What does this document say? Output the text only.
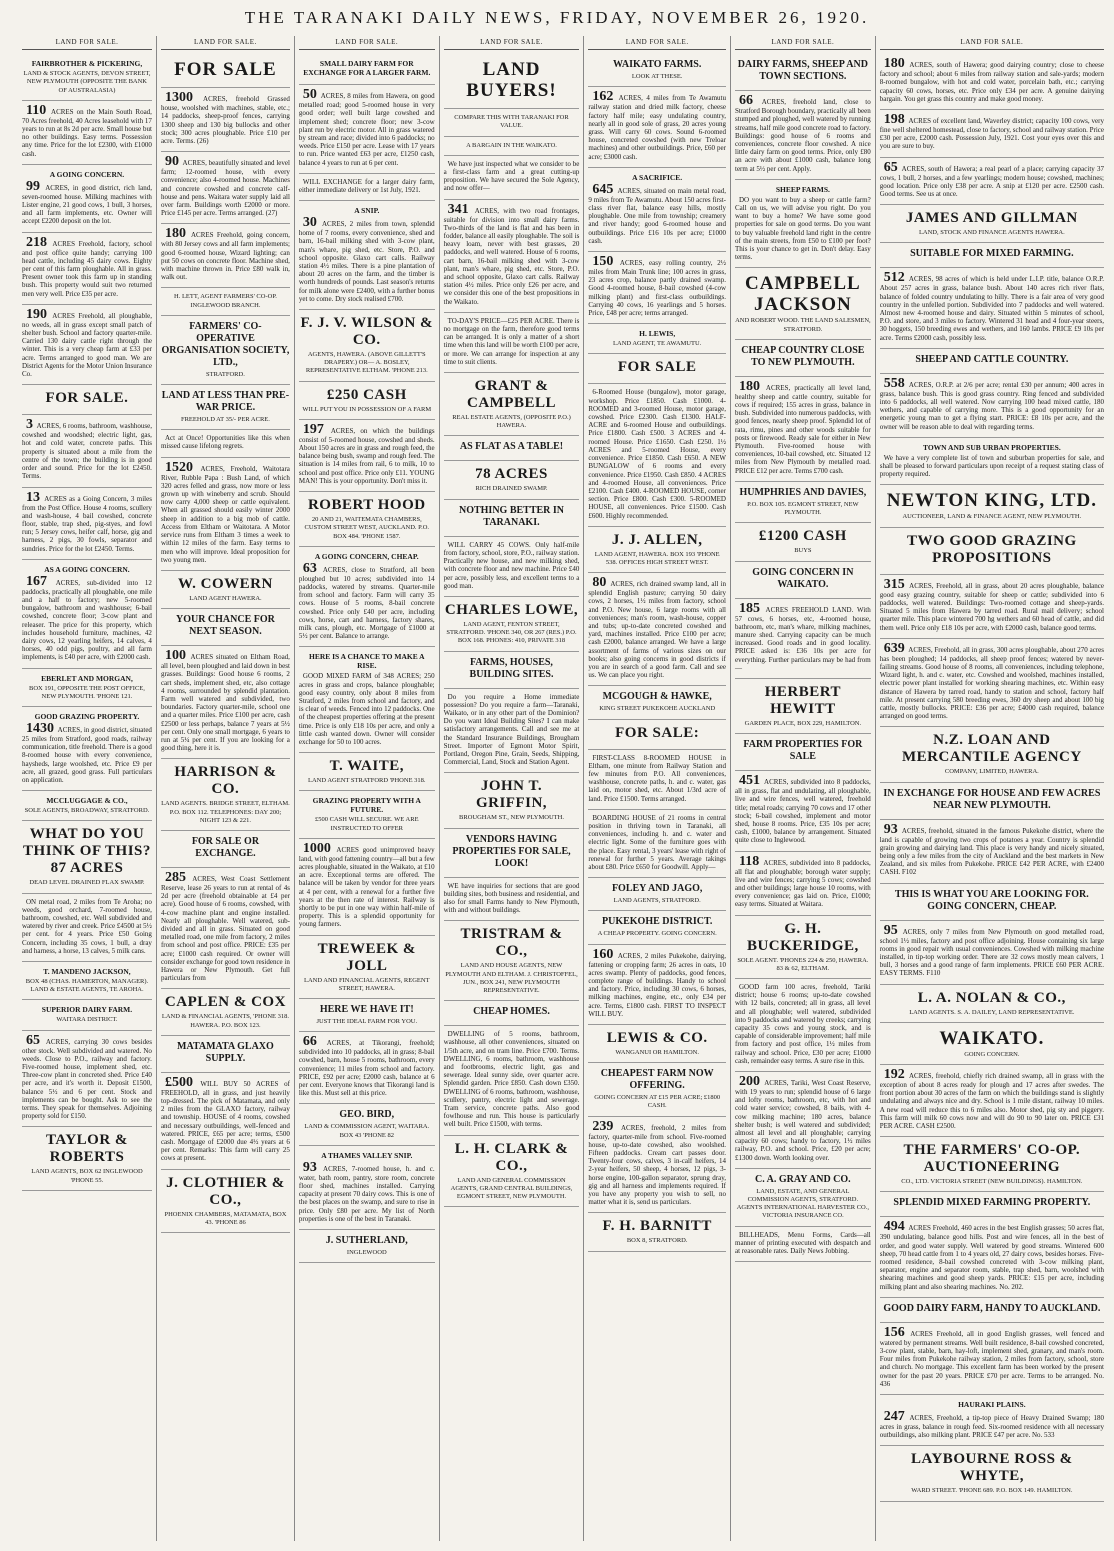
THE TARANAKI DAILY NEWS, FRIDAY, NOVEMBER 26, 1920.
LAND FOR SALE.
FAIRBROTHER & PICKERING,
LAND & STOCK AGENTS, DEVON STREET, NEW PLYMOUTH (OPPOSITE THE BANK OF AUSTRALASIA)
110 ACRES on the Main South Road, 70 Acres freehold, 40 Acres leasehold with 17 years to run at 8s 2d per acre. Small house but no other buildings. Easy terms. Possession any time. Price for the lot £2300, with £1000 cash.
A GOING CONCERN.
99 ACRES, in good district, rich land, seven-roomed house. Milking machines with Lister engine, 21 good cows, 1 bull, 3 horses, and all farm implements, etc. Owner will accept £2200 deposit on the lot.
218 ACRES Freehold, factory, school and post office quite handy; carrying 100 head cattle, including 45 dairy cows. Eighty per cent of this farm ploughable. All in grass. Present owner took this farm up in standing bush. This property would suit two returned men very well. Price £35 per acre.
190 ACRES Freehold, all ploughable, no weeds, all in grass except small patch of shelter bush. School and factory quarter-mile. Carried 130 dairy cattle right through the winter. This is a very cheap farm at £33 per acre. Terms arranged to good man. We are District Agents for the Motor Union Insurance Co.
FOR SALE.
3 ACRES, 6 rooms, bathroom, washhouse, cowshed and woodshed; electric light, gas, hot and cold water, concrete paths. This property is situated about a mile from the centre of the town; the building is in good order and sound. Price for the lot £2450. Terms.
13 ACRES as a Going Concern, 3 miles from the Post Office. House 4 rooms, scullery and wash-house, 4 bail cowshed, concrete floor, stable, trap shed, pig-styes, and fowl run; 5 Jersey cows, heifer calf, horse, gig and harness, 2 pigs, 30 fowls, separator and sundries. Price for the lot £2450. Terms.
AS A GOING CONCERN.
167 ACRES, sub-divided into 12 paddocks, practically all ploughable, one mile and a half to factory; new 5-roomed bungalow, bathroom and washhouse; 6-bail cowshed, concrete floor; 3-cow plant and releaser. The price for this property, which includes household furniture, machines, 42 dairy cows, 12 yearling heifers, 14 calves, 4 horses, 40 odd pigs, poultry, and all farm implements, is £40 per acre, with £2000 cash.
EBERLET AND MORGAN,
BOX 191, OPPOSITE THE POST OFFICE, NEW PLYMOUTH. 'PHONE 121.
GOOD GRAZING PROPERTY.
1430 ACRES, in good district, situated 25 miles from Stratford, good roads, railway communication, title freehold. There is a good 8-roomed house with every convenience, haysheds, large woolshed, etc. Price £9 per acre, all grazed, good grass. Full particulars on application.
MCCLUGGAGE & CO.,
SOLE AGENTS, BROADWAY, STRATFORD.
WHAT DO YOU THINK OF THIS? 87 ACRES
DEAD LEVEL DRAINED FLAX SWAMP.
ON metal road, 2 miles from Te Aroha; no weeds, good orchard, 7-roomed house, bathroom, cowshed, etc. Well subdivided and watered by river and creek. Price £4500 at 5½ per cent. for 4 years. Price £50 Going Concern, including 35 cows, 1 bull, a dray and harness, a horse, 13 calves, 5 milk cans.
T. MANDENO JACKSON,
BOX 48 (CHAS. HAMERTON, MANAGER). LAND & ESTATE AGENTS, TE AROHA.
SUPERIOR DAIRY FARM.
WAITARA DISTRICT.
65 ACRES, carrying 30 cows besides other stock. Well subdivided and watered. No weeds. Close to P.O., railway and factory. Five-roomed house, implement shed, etc. Three-cow plant in concreted shed. Price £40 per acre, and it's worth it. Deposit £1500, balance 5½ and 6 per cent. Stock and implements can be bought. Ask to see the terms. They speak for themselves. Adjoining property sold for £150.
TAYLOR & ROBERTS
LAND AGENTS, BOX 62 INGLEWOOD 'PHONE 55.
LAND FOR SALE.
FOR SALE
1300 ACRES, freehold Grassed house, woolshed with machines, stable, etc.; 14 paddocks, sheep-proof fences, carrying 1300 sheep and 130 big bullocks and other stock; 300 acres ploughable. Price £10 per acre. Terms. (26)
90 ACRES, beautifully situated and level farm; 12-roomed house, with every convenience; also 4-roomed house. Machines and concrete cowshed and concrete calf-house and pens. Waitara water supply laid all over farm. Buildings worth £2000 or more. Price £145 per acre. Terms arranged. (27)
180 ACRES Freehold, going concern, with 80 Jersey cows and all farm implements; good 6-roomed house, Wizard lighting; can put 50 cows on concrete floor. Machine shed, with machine thrown in. Price £80 walk in, walk out.
H. LETT, AGENT FARMERS' CO-OP. INGLEWOOD BRANCH.
FARMERS' CO-OPERATIVE ORGANISATION SOCIETY, LTD.,
STRATFORD.
LAND AT LESS THAN PRE-WAR PRICE.
FREEHOLD AT 35/- PER ACRE.
Act at Once! Opportunities like this when missed cause lifelong regrets.
1520 ACRES, Freehold, Waitotara River, Rubble Papa : Bush Land, of which 320 acres felled and grass, now more or less grown up with wineberry and scrub. Should now carry 4,000 sheep or cattle equivalent. When all grassed should easily winter 2000 sheep in addition to a big mob of cattle. Access from Eltham or Waitotara. A Motor service runs from Eltham 3 times a week to within 12 miles of the farm. Easy terms to men who will improve. Ideal proposition for two young men.
W. COWERN
LAND AGENT HAWERA.
YOUR CHANCE FOR NEXT SEASON.
100 ACRES situated on Eltham Road, all level, been ploughed and laid down in best grasses. Buildings: Good house 6 rooms, 2 cart sheds, implement shed, etc, also cottage 4 rooms, surrounded by splendid plantation. Farm well watered and subdivided, two boundaries. Factory quarter-mile, school one and a quarter miles. Price £100 per acre, cash £2500 or less perhaps, balance 7 years at 5½ per cent. Only one small mortgage, 6 years to run at 5¼ per cent. If you are looking for a good thing, here it is.
HARRISON & CO.
LAND AGENTS. BRIDGE STREET, ELTHAM. P.O. BOX 112. TELEPHONES: DAY 200; NIGHT 123 & 221.
FOR SALE OR EXCHANGE.
285 ACRES, West Coast Settlement Reserve, lease 26 years to run at rental of 4s 2d per acre (freehold obtainable at £4 per acre). Good house of 6 rooms, cowshed, with 4-cow machine plant and engine installed. Nearly all ploughable. Well watered, sub-divided and all in grass. Situated on good metalled road, one mile from factory, 2 miles from school and post office. PRICE: £35 per acre; £1000 cash required. Or owner will consider exchange for good town residence in Hawera or New Plymouth. Get full particulars from
CAPLEN & COX
LAND & FINANCIAL AGENTS, 'PHONE 318. HAWERA. P.O. BOX 123.
MATAMATA GLAXO SUPPLY.
£500 WILL BUY 50 ACRES of FREEHOLD, all in grass, and just heavily top-dressed. The pick of Matamata, and only 2 miles from the GLAXO factory, railway and township. HOUSE of 4 rooms, cowshed and necessary outbuildings, well-fenced and watered. PRICE, £65 per acre; terms, £500 cash. Mortgage of £2000 due 4½ years at 6 per cent. Remarks: This farm will carry 25 cows at present.
J. CLOTHIER & CO.,
PHOENIX CHAMBERS, MATAMATA, BOX 43. 'PHONE 86
LAND FOR SALE.
SMALL DAIRY FARM FOR EXCHANGE FOR A LARGER FARM.
50 ACRES, 8 miles from Hawera, on good metalled road; good 5-roomed house in very good order; well built large cowshed and implement shed; concrete floor; new 3-cow plant run by electric motor. All in grass watered by stream and race; divided into 6 paddocks; no weeds. Price £150 per acre. Lease with 17 years to run. Price wanted £63 per acre, £1250 cash, balance 4 years to run at 6 per cent.
WILL EXCHANGE for a larger dairy farm, either immediate delivery or 1st July, 1921.
A SNIP.
30 ACRES, 2 miles from town, splendid home of 7 rooms, every convenience, shed and barn, 16-bail milking shed with 3-cow plant, man's whare, pig shed, etc. Store, P.O. and school opposite. Glaxo cart calls. Railway station 4½ miles. There is a pine plantation of about 20 acres on the farm, and the timber is worth hundreds of pounds. Last season's returns for milk alone were £2400, with a further bonus yet to come. Dry stock realised £700.
F. J. V. WILSON & CO.
AGENTS, HAWERA. (ABOVE GILLETT'S DRAPERY.) OR— A. BOSLEY, REPRESENTATIVE ELTHAM. 'PHONE 213.
£250 CASH
WILL PUT YOU IN POSSESSION OF A FARM
197 ACRES, on which the buildings consist of 5-roomed house, cowshed and sheds. About 150 acres are in grass and rough feed, the balance being bush, swamp and rough feed. The situation is 14 miles from rail, 6 to milk, 10 to school and post office. Price only £11. YOUNG MAN! This is your opportunity. Don't miss it.
ROBERT HOOD
20 AND 21, WAITEMATA CHAMBERS, CUSTOM STREET WEST, AUCKLAND. P.O. BOX 484. 'PHONE 1587.
A GOING CONCERN, CHEAP.
63 ACRES, close to Stratford, all been ploughed but 10 acres; subdivided into 14 paddocks, watered by streams. Quarter-mile from school and factory. Farm will carry 35 cows. House of 5 rooms, 8-bail concrete cowshed. Price only £40 per acre, including cows, horse, cart and harness, factory shares, milk cans, plough, etc. Mortgage of £1000 at 5½ per cent. Balance to arrange.
HERE IS A CHANCE TO MAKE A RISE.
GOOD MIXED FARM of 348 ACRES; 250 acres in grass and crops, balance ploughable; good easy country, only about 8 miles from Stratford, 2 miles from school and factory, and is clear of weeds. Fenced into 12 paddocks. One of the cheapest properties offering at the present time. Price is only £18 10s per acre, and only a little cash wanted down. Owner will consider exchange for 50 to 100 acres.
T. WAITE,
LAND AGENT STRATFORD 'PHONE 318.
GRAZING PROPERTY WITH A FUTURE.
£500 CASH WILL SECURE. WE ARE INSTRUCTED TO OFFER
1000 ACRES good unimproved heavy land, with good fattening country—all but a few acres ploughable, situated in the Waikato, at £10 an acre. Exceptional terms are offered. The balance will be taken by vendor for three years at 4 per cent, with a renewal for a further five years at the then rate of interest. Railway is shortly to be put in one way within half-mile of property. This is a splendid opportunity for young farmers.
TREWEEK & JOLL
LAND AND FINANCIAL AGENTS, REGENT STREET, HAWERA.
HERE WE HAVE IT!
JUST THE IDEAL FARM FOR YOU.
66 ACRES, at Tikorangi, freehold; subdivided into 10 paddocks, all in grass; 8-bail cowshed, barn, house 5 rooms, bathroom, every convenience; 11 miles from school and factory. PRICE, £92 per acre; £2000 cash, balance at 6 per cent. Everyone knows that Tikorangi land is like this. Must sell at this price.
GEO. BIRD,
LAND & COMMISSION AGENT, WAITARA. BOX 43 'PHONE 82
A THAMES VALLEY SNIP.
93 ACRES, 7-roomed house, h. and c. water, bath room, pantry, store room, concrete floor shed, machines installed. Carrying capacity at present 70 dairy cows. This is one of the best places on the swamp, and sure to rise in price. Only £80 per acre. My list of North properties is one of the best in Taranaki.
J. SUTHERLAND,
INGLEWOOD
LAND FOR SALE.
LAND BUYERS!
COMPARE THIS WITH TARANAKI FOR VALUE.
A BARGAIN IN THE WAIKATO.
We have just inspected what we consider to be a first-class farm and a great cutting-up proposition. We have secured the Sole Agency, and now offer—
341 ACRES, with two road frontages, suitable for division into small dairy farms. Two-thirds of the land is flat and has been in fodder, balance all easily ploughable. The soil is heavy loam, never with best grasses, 20 paddocks, and well watered. House of 6 rooms, cart barn, 16-bail milking shed with 3-cow plant, man's whare, pig shed, etc. Store, P.O. and school opposite, Glaxo cart calls. Railway station 4½ miles. Price only £26 per acre, and we consider this one of the best propositions in the Waikato.
TO-DAY'S PRICE—£25 PER ACRE. There is no mortgage on the farm, therefore good terms can be arranged. It is only a matter of a short time when this land will be worth £100 per acre, or more. We can arrange for inspection at any time to suit clients.
GRANT & CAMPBELL
REAL ESTATE AGENTS, (OPPOSITE P.O.) HAWERA.
AS FLAT AS A TABLE!
78 ACRES
RICH DRAINED SWAMP.
NOTHING BETTER IN TARANAKI.
WILL CARRY 45 COWS. Only half-mile from factory, school, store, P.O., railway station. Practically new house, and new milking shed, with concrete floor and new machine. Price £40 per acre, possibly less, and excellent terms to a good man.
CHARLES LOWE,
LAND AGENT, FENTON STREET, STRATFORD. 'PHONE 340, OR 267 (RES.) P.O. BOX 168. PHONES: 410, PRIVATE 318
FARMS, HOUSES, BUILDING SITES.
Do you require a Home immediate possession? Do you require a farm—Taranaki, Waikato, or in any other part of the Dominion? Do you want Ideal Building Sites? I can make satisfactory arrangements. Call and see me at the Standard Insurance Buildings, Brougham Street. Importer of Egmont Motor Spirit, Portland, Oregon Pine, Grain, Seeds, Shipping, Commercial, Land, Stock and Station Agent.
JOHN T. GRIFFIN,
BROUGHAM ST., NEW PLYMOUTH.
VENDORS HAVING PROPERTIES FOR SALE, LOOK!
WE have inquiries for sections that are good building sites, both business and residential, and also for small Farms handy to New Plymouth, with and without buildings.
TRISTRAM & CO.,
LAND AND HOUSE AGENTS, NEW PLYMOUTH AND ELTHAM. J. CHRISTOFFEL, JUN., BOX 241, NEW PLYMOUTH REPRESENTATIVE.
CHEAP HOMES.
DWELLING of 5 rooms, bathroom, washhouse, all other conveniences, situated on 1/5th acre, and on tram line. Price £700. Terms. DWELLING, 6 rooms, bathroom, washhouse and footbrooms, electric light, gas and sewerage. Ideal sunny side, over quarter acre. Splendid garden. Price £850. Cash down £350. DWELLING of 6 rooms, bathroom, washhouse, scullery, pantry, electric light and sewerage. Tram service, concrete paths. Also good fowlhouse and run. This house is particularly well built. Price £1500, with terms.
L. H. CLARK & CO.,
LAND AND GENERAL COMMISSION AGENTS, GRAND CENTRAL BUILDINGS, EGMONT STREET, NEW PLYMOUTH.
LAND FOR SALE.
WAIKATO FARMS.
LOOK AT THESE.
162 ACRES, 4 miles from Te Awamutu railway station and dried milk factory, cheese factory half mile; easy undulating country, nearly all in good sole of grass, 20 acres young grass. Will carry 60 cows. Sound 6-roomed house, concreted cowshed (with new Treloar machines) and other outbuildings. Price, £60 per acre; £3000 cash.
A SACRIFICE.
645 ACRES, situated on main metal road, 9 miles from Te Awamutu. About 150 acres first-class river flat, balance easy hills, mostly ploughable. One mile from township; creamery and river handy; good 6-roomed house and outbuildings. Price £16 10s per acre; £1000 cash.
150 ACRES, easy rolling country, 2½ miles from Main Trunk line; 100 acres in grass, 23 acres crop, balance partly drained swamp. Good 4-roomed house, 8-bail cowshed (4-cow milking plant) and first-class outbuildings. Carrying 40 cows, 16 yearlings and 5 horses. Price, £48 per acre; terms arranged.
H. LEWIS,
LAND AGENT, TE AWAMUTU.
FOR SALE
6-Roomed House (bungalow), motor garage, workshop. Price £1850. Cash £1000. 4-ROOMED and 3-roomed House, motor garage, cowshed. Price £2300. Cash £1300. HALF-ACRE and 6-roomed House and outbuildings. Price £1800. Cash £500. 3 ACRES and 4-roomed House. Price £1650. Cash £250. 1½ ACRES and 5-roomed House, every convenience. Price £1850. Cash £650. A NEW BUNGALOW of 6 rooms and every convenience. Price £1950. Cash £850. 4 ACRES and 4-roomed House, all conveniences. Price £2100. Cash £400. 4-ROOMED HOUSE, corner section. Price £800. Cash £300. 5-ROOMED HOUSE, all conveniences. Price £1500. Cash £600. Highly recommended.
J. J. ALLEN,
LAND AGENT, HAWERA. BOX 193 'PHONE 538. OFFICES HIGH STREET WEST.
80 ACRES, rich drained swamp land, all in splendid English pasture; carrying 50 dairy cows, 2 horses, 1½ miles from factory, school and P.O. New house, 6 large rooms with all conveniences; man's room, wash-house, copper and tubs; up-to-date concreted cowshed and yard, machines installed. Price £100 per acre; cash £2000, balance arranged. We have a large assortment of farms of various sizes on our books; also going concerns in good districts if you are in search of a good farm. Call and see us. We can place you right.
MCGOUGH & HAWKE,
KING STREET PUKEKOHE AUCKLAND
FOR SALE:
FIRST-CLASS 8-ROOMED HOUSE in Eltham, one minute from Railway Station and few minutes from P.O. All conveniences, washhouse, concrete paths, h. and c. water, gas laid on, motor shed, etc. About 1/3rd acre of land. Price £1500. Terms arranged.
BOARDING HOUSE of 21 rooms in central position in thriving town in Taranaki, all conveniences, including h. and c. water and electric light. Some of the furniture goes with the place. Easy rental, 3 years' lease with right of renewal for further 5 years. Average takings about £80. Price £650 for Goodwill. Apply—
FOLEY AND JAGO,
LAND AGENTS, STRATFORD.
PUKEKOHE DISTRICT.
A CHEAP PROPERTY. GOING CONCERN.
160 ACRES, 2 miles Pukekohe, dairying, fattening or cropping farm; 26 acres in oats, 10 acres swamp. Plenty of paddocks, good fences, complete range of buildings. Handy to school and factory. Price, including 30 cows, 6 horses, milking machines, engine, etc., only £34 per acre. Terms, £1800 cash. FIRST TO INSPECT WILL BUY.
LEWIS & CO.
WANGANUI OR HAMILTON.
CHEAPEST FARM NOW OFFERING.
GOING CONCERN AT £15 PER ACRE; £1800 CASH.
239 ACRES, freehold, 2 miles from factory, quarter-mile from school. Five-roomed house, up-to-date cowshed, also woolshed. Fifteen paddocks. Cream cart passes door. Twenty-four cows, calves, 3 in-calf heifers, 14 2-year heifers, 50 sheep, 4 horses, 12 pigs, 3-horse engine, 100-gallon separator, sprung dray, gig and all harness and implements required. If you have any property you wish to sell, no matter what it is, send us particulars.
F. H. BARNITT
BOX 8, STRATFORD.
LAND FOR SALE.
DAIRY FARMS, SHEEP AND TOWN SECTIONS.
66 ACRES, freehold land, close to Stratford Borough boundary, practically all been stumped and ploughed, well watered by running streams, half mile good concrete road to factory. Buildings: good house of 6 rooms and conveniences, concrete floor cowshed. A nice little dairy farm on good terms. Price, only £80 an acre with about £1000 cash, balance long term at 5½ per cent. Apply.
SHEEP FARMS.
DO you want to buy a sheep or cattle farm? Call on us, we will advise you right. Do you want to buy a home? We have some good properties for sale on good terms. Do you want to buy valuable freehold land right in the centre of the main streets, from £50 to £100 per foot? This is your chance to get in. Don't delay. Easy terms.
CAMPBELL JACKSON
AND ROBERT WOOD. THE LAND SALESMEN, STRATFORD.
CHEAP COUNTRY CLOSE TO NEW PLYMOUTH.
180 ACRES, practically all level land, healthy sheep and cattle country, suitable for cows if required; 155 acres in grass, balance in bush. Subdivided into numerous paddocks, with good fences, nearly sheep proof. Splendid lot of rata, rimu, pines and other woods suitable for posts or firewood. Ready sale for either in New Plymouth. Five-roomed house with conveniences, 10-bail cowshed, etc. Situated 12 miles from New Plymouth by metalled road. PRICE £12 per acre. Terms £700 cash.
HUMPHRIES AND DAVIES,
P.O. BOX 105. EGMONT STREET, NEW PLYMOUTH.
£1200 CASH
BUYS
GOING CONCERN IN WAIKATO.
185 ACRES FREEHOLD LAND. With 57 cows, 6 horses, etc, 4-roomed house, bathroom, etc, man's whare, milking machines, manure shed. Carrying capacity can be much increased. Good roads and in good locality. PRICE asked is: £36 10s per acre for everything. Further particulars may be had from—
HERBERT HEWITT
GARDEN PLACE, BOX 229, HAMILTON.
FARM PROPERTIES FOR SALE
451 ACRES, subdivided into 8 paddocks, all in grass, flat and undulating, all ploughable, live and wire fences, well watered, freehold title; metal roads; carrying 70 cows and 17 other stock; 6-bail cowshed, implement and motor shed, house 8 rooms. Price, £35 10s per acre; cash, £1000, balance by arrangement. Situated quite close to Inglewood.
118 ACRES, subdivided into 8 paddocks, all flat and ploughable; borough water supply; live and wire fences; carrying 5 cows; cowshed and other buildings; large house 10 rooms, with every convenience; gas laid on. Price, £1000; easy terms. Situated at Waitara.
G. H. BUCKERIDGE,
SOLE AGENT. 'PHONES 224 & 250, HAWERA. 83 & 62, ELTHAM.
GOOD farm 100 acres, freehold, Tariki district; house 6 rooms; up-to-date cowshed with 12 bails, concreted; all in grass, all level and all ploughable; well watered, subdivided into 9 paddocks and watered by creeks; carrying capacity 35 cows and young stock, and is capable of considerable improvement; half mile from factory and post office, 1½ miles from railway and school. Price, £30 per acre; £1000 cash, remainder easy terms. A sure rise in this.
200 ACRES, Tariki, West Coast Reserve, with 19 years to run; splendid house of 6 large and lofty rooms, bathroom, etc, with hot and cold water service; cowshed, 8 bails, with 4-cow milking machine; 180 acres, balance shelter bush; is well watered and subdivided; almost all level and all ploughable; carrying capacity 60 cows; handy to factory, 1½ miles railway, P.O. and school. Price, £20 per acre; £1300 down. Worth looking over.
C. A. GRAY AND CO.
LAND, ESTATE, AND GENERAL COMMISSION AGENTS, STRATFORD. AGENTS INTERNATIONAL HARVESTER CO., VICTORIA INSURANCE CO.
BILLHEADS, Menu Forms, Cards—all manner of printing executed with despatch and at reasonable rates. Daily News Jobbing.
LAND FOR SALE.
180 ACRES, south of Hawera; good dairying country; close to cheese factory and school; about 6 miles from railway station and sale-yards; modern 8-roomed bungalow, with hot and cold water, porcelain bath, etc.; carrying capacity 60 cows, horses, etc. Price only £34 per acre. A genuine dairying bargain. You get grass this country and make good money.
198 ACRES of excellent land, Waverley district; capacity 100 cows, very fine well sheltered homestead, close to factory, school and railway station. Price £30 per acre, £2000 cash. Possession July, 1921. Cost your eyes over this and you are sure to buy.
65 ACRES, south of Hawera; a real pearl of a place; carrying capacity 37 cows, 1 bull, 2 horses, and a few yearlings; modern house; cowshed, machines; good location. Price only £38 per acre. A snip at £120 per acre. £2500 cash. Good terms. See us at once.
JAMES AND GILLMAN
LAND, STOCK AND FINANCE AGENTS HAWERA.
SUITABLE FOR MIXED FARMING.
512 ACRES, 98 acres of which is held under L.I.P. title, balance O.R.P. About 257 acres in grass, balance bush. About 140 acres rich river flats, balance of folded country undulating to hilly. There is a fair area of very good country in the unfelled portion. Subdivided into 7 paddocks and well watered. Almost new 4-roomed house and dairy. Situated within 5 minutes of school, P.O. and store, and 3 miles to factory. Wintered 31 head and 4 four-year steers, 30 hoggets, 150 breeding ewes and wethers, and 160 lambs. PRICE £9 10s per acre. Terms £2000 cash, possibly less.
SHEEP AND CATTLE COUNTRY.
558 ACRES, O.R.P. at 2/6 per acre; rental £30 per annum; 400 acres in grass, balance bush. This is good grass country. Ring fenced and subdivided into 6 paddocks, all well watered. Now carrying 100 head mixed cattle, 180 wethers, and capable of carrying more. This is a good opportunity for an energetic young man to get a flying start. PRICE: £8 10s per acre, and the owner will be reason able to deal with regarding terms.
TOWN AND SUB URBAN PROPERTIES.
We have a very complete list of town and suburban properties for sale, and shall be pleased to forward particulars upon receipt of a request stating class of property required.
NEWTON KING, LTD.
AUCTIONEER, LAND & FINANCE AGENT, NEW PLYMOUTH.
TWO GOOD GRAZING PROPOSITIONS
315 ACRES, Freehold, all in grass, about 20 acres ploughable, balance good easy grazing country, suitable for sheep or cattle; subdivided into 6 paddocks, well watered. Buildings: Two-roomed cottage and sheep-yards. Situated 5 miles from Hawera by tarred road. Rural mail delivery; school quarter mile. This place wintered 700 hg wethers and 60 head of cattle, and did them well. Price only £18 10s per acre, with £2000 cash, balance good terms.
639 ACRES, Freehold, all in grass, 300 acres ploughable, about 270 acres has been ploughed; 14 paddocks, all sheep proof fences; watered by never-failing streams. Good house of 8 rooms, all conveniences, including telephone, Wizard light, h. and c. water, etc. Cowshed and woolshed, machines installed, electric power plant installed for working shearing machines, etc. Within easy distance of Hawera by tarred road, handy to station and school, factory half mile. At present carrying 580 breeding ewes, 360 dry sheep and about 100 big cattle, mostly bullocks. PRICE: £36 per acre; £4000 cash required, balance arranged on good terms.
N.Z. LOAN AND MERCANTILE AGENCY
COMPANY, LIMITED, HAWERA.
IN EXCHANGE FOR HOUSE AND FEW ACRES NEAR NEW PLYMOUTH.
93 ACRES, freehold, situated in the famous Pukekohe district, where the land is capable of growing two crops of potatoes a year. Country is splendid grain growing and dairying land. This place is very handy and nicely situated, being only a few miles from the city of Auckland and the best markets in New Zealand, and six miles from Pukekohe. PRICE £42 PER ACRE, with £2400 CASH. F102
THIS IS WHAT YOU ARE LOOKING FOR. GOING CONCERN, CHEAP.
95 ACRES, only 7 miles from New Plymouth on good metalled road, school 1½ miles, factory and post office adjoining. House containing six large rooms in good repair with usual conveniences. Cowshed with milking machine installed, in tip-top working order. There are 32 cows mostly mean calvers, 1 bull, 3 horses and a good range of farm implements. PRICE £60 PER ACRE. EASY TERMS. F110
L. A. NOLAN & CO.,
LAND AGENTS. S. A. DAILEY, LAND REPRESENTATIVE.
WAIKATO.
GOING CONCERN.
192 ACRES, freehold, chiefly rich drained swamp, all in grass with the exception of about 8 acres ready for plough and 17 acres after swedes. The front portion about 30 acres of the farm on which the buildings stand is slightly undulating and always nice and dry. School is 1 mile distant, railway 10 miles. A new road will reduce this to 6 miles also. Motor shed, pig sty and piggery. This farm will milk 60 cows now and will do 90 to 90 later on. PRICE £31 PER ACRE. CASH £2500.
THE FARMERS' CO-OP. AUCTIONEERING
CO., LTD. VICTORIA STREET (NEW BUILDINGS). HAMILTON.
SPLENDID MIXED FARMING PROPERTY.
494 ACRES Freehold, 460 acres in the best English grasses; 50 acres flat, 390 undulating, balance good hills. Post and wire fences, all in the best of order, and good water supply. Well watered by good streams. Wintered 600 sheep, 70 head cattle from 1 to 4 years old, 27 dairy cows, besides horses. Five-roomed residence, 8-bail cowshed concreted with 3-cow milking plant, separator, engine and separator room, stable, trap shed, barn, woolshed with shearing machines and good sheep yards. PRICE: £15 per acre, including milking plant and also shearing machines. No. 202.
GOOD DAIRY FARM, HANDY TO AUCKLAND.
156 ACRES Freehold, all in good English grasses, well fenced and watered by permanent streams. Well built residence, 8-bail cowshed concreted, 3-cow plant, stable, barn, hay-loft, implement shed, granary, and man's room. Four miles from Pukekohe railway station, 2 miles from factory, school, store and church. No mortgage. This excellent farm has been worked by the present owner for the past 20 years. PRICE £70 per acre. Terms to be arranged. No. 436
HAURAKI PLAINS.
247 ACRES, Freehold, a tip-top piece of Heavy Drained Swamp; 180 acres in grass, balance in rough feed. Six-roomed residence with all necessary outbuildings, also milking plant. PRICE £47 per acre. No. 533
LAYBOURNE ROSS & WHYTE,
WARD STREET. 'PHONE 689. P.O. BOX 149. HAMILTON.
